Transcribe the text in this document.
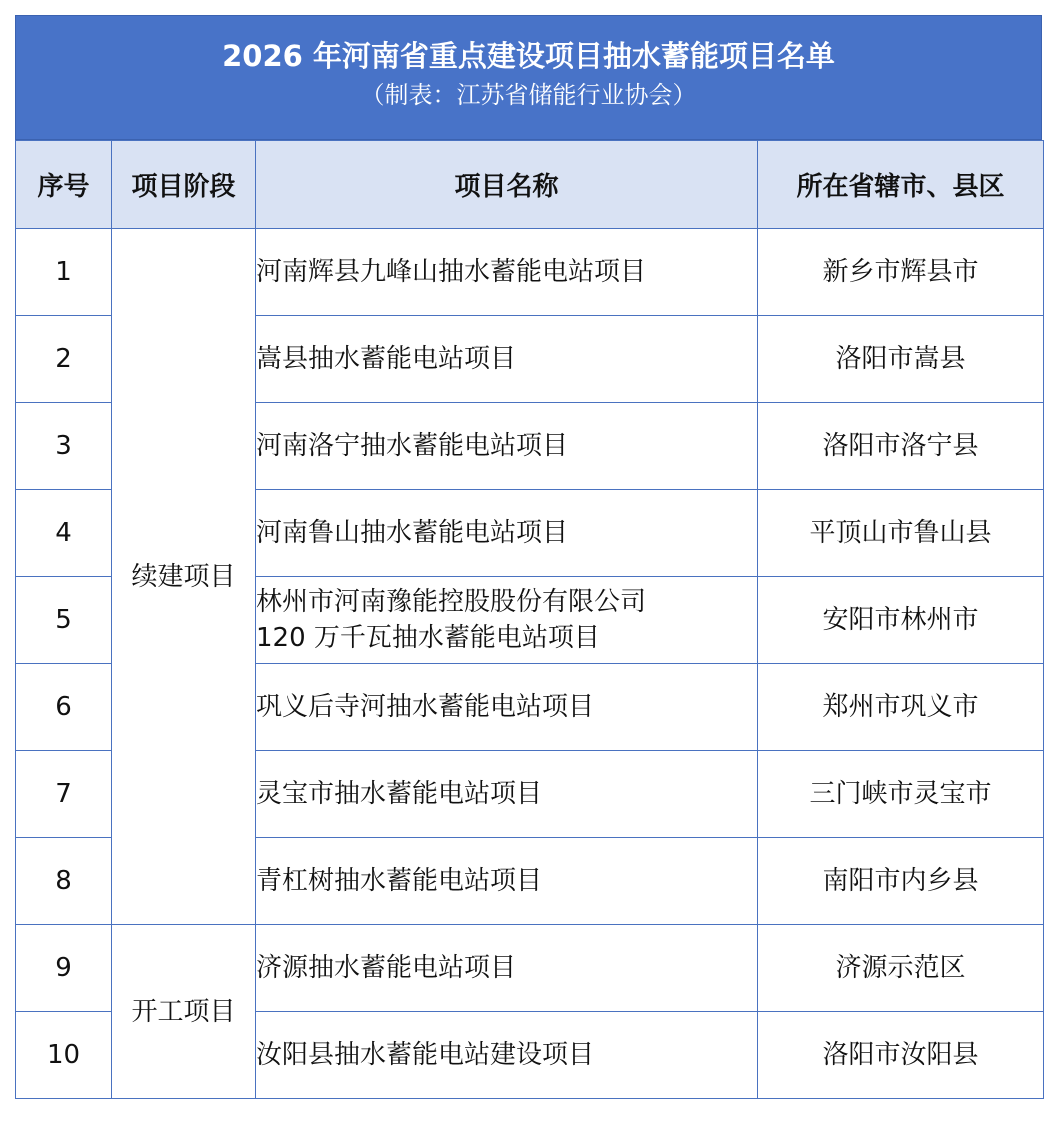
2026 年河南省重点建设项目抽水蓄能项目名单
（制表：江苏省储能行业协会）
序号	项目阶段	项目名称	所在省辖市、县区
1	续建项目	河南辉县九峰山抽水蓄能电站项目	新乡市辉县市
2		嵩县抽水蓄能电站项目	洛阳市嵩县
3		河南洛宁抽水蓄能电站项目	洛阳市洛宁县
4		河南鲁山抽水蓄能电站项目	平顶山市鲁山县
5		林州市河南豫能控股股份有限公司
120 万千瓦抽水蓄能电站项目	安阳市林州市
6		巩义后寺河抽水蓄能电站项目	郑州市巩义市
7		灵宝市抽水蓄能电站项目	三门峡市灵宝市
8		青杠树抽水蓄能电站项目	南阳市内乡县
9	开工项目	济源抽水蓄能电站项目	济源示范区
10		汝阳县抽水蓄能电站建设项目	洛阳市汝阳县
